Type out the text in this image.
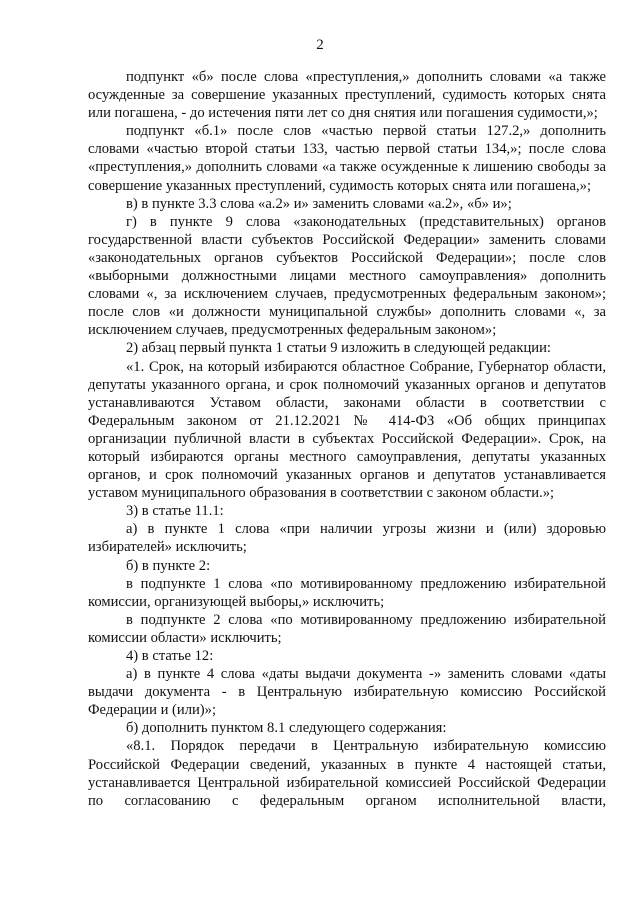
2

подпункт «б» после слова «преступления,» дополнить словами «а также осужденные за совершение указанных преступлений, судимость которых снята или погашена, - до истечения пяти лет со дня снятия или погашения судимости,»;

подпункт «б.1» после слов «частью первой статьи 127.2,» дополнить словами «частью второй статьи 133, частью первой статьи 134,»; после слова «преступления,» дополнить словами «а также осужденные к лишению свободы за совершение указанных преступлений, судимость которых снята или погашена,»;

в) в пункте 3.3 слова «а.2» и» заменить словами «а.2», «б» и»;

г) в пункте 9 слова «законодательных (представительных) органов государственной власти субъектов Российской Федерации» заменить словами «законодательных органов субъектов Российской Федерации»; после слов «выборными должностными лицами местного самоуправления» дополнить словами «, за исключением случаев, предусмотренных федеральным законом»; после слов «и должности муниципальной службы» дополнить словами «, за исключением случаев, предусмотренных федеральным законом»;

2) абзац первый пункта 1 статьи 9 изложить в следующей редакции:

«1. Срок, на который избираются областное Собрание, Губернатор области, депутаты указанного органа, и срок полномочий указанных органов и депутатов устанавливаются Уставом области, законами области в соответствии с Федеральным законом от 21.12.2021 № 414-ФЗ «Об общих принципах организации публичной власти в субъектах Российской Федерации». Срок, на который избираются органы местного самоуправления, депутаты указанных органов, и срок полномочий указанных органов и депутатов устанавливается уставом муниципального образования в соответствии с законом области.»;

3) в статье 11.1:

а) в пункте 1 слова «при наличии угрозы жизни и (или) здоровью избирателей» исключить;

б) в пункте 2:

в подпункте 1 слова «по мотивированному предложению избирательной комиссии, организующей выборы,» исключить;

в подпункте 2 слова «по мотивированному предложению избирательной комиссии области» исключить;

4) в статье 12:

а) в пункте 4 слова «даты выдачи документа -» заменить словами «даты выдачи документа - в Центральную избирательную комиссию Российской Федерации и (или)»;

б) дополнить пунктом 8.1 следующего содержания:

«8.1. Порядок передачи в Центральную избирательную комиссию Российской Федерации сведений, указанных в пункте 4 настоящей статьи, устанавливается Центральной избирательной комиссией Российской Федерации по согласованию с федеральным органом исполнительной власти,
